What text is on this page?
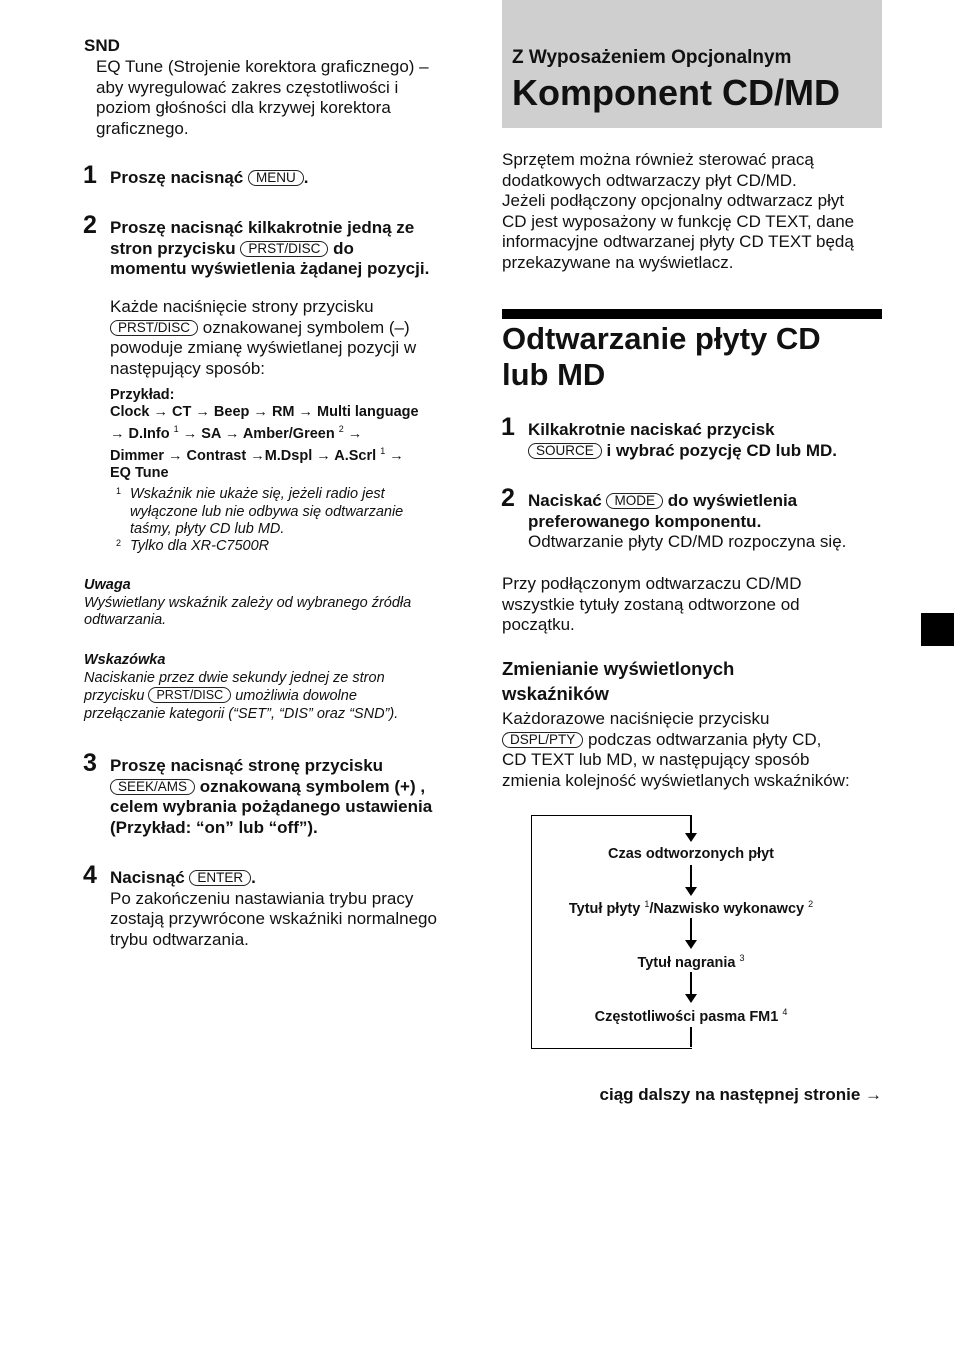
SND
EQ Tune (Strojenie korektora graficznego) –
aby wyregulować zakres częstotliwości i
poziom głośności dla krzywej korektora
graficznego.
1 Proszę nacisnąć MENU .
2 Proszę nacisnąć kilkakrotnie jedną ze
stron przycisku PRST/DISC do
momentu wyświetlenia żądanej pozycji.
Każde naciśnięcie strony przycisku
PRST/DISC oznakowanej symbolem (–)
powoduje zmianę wyświetlanej pozycji w
następujący sposób:
Przykład:
Clock → CT → Beep → RM → Multi language
→ D.Info $^1$ → SA → Amber/Green $^2$ →
Dimmer → Contrast →M.Dspl → A.Scrl $^1$ →
EQ Tune
1 Wskaźnik nie ukaże się, jeżeli radio jest
wyłączone lub nie odbywa się odtwarzanie
taśmy, płyty CD lub MD.
2 Tylko dla XR-C7500R
Uwaga
Wyświetlany wskaźnik zależy od wybranego źródła
odtwarzania.
Wskazówka
Naciskanie przez dwie sekundy jednej ze stron
przycisku PRST/DISC umożliwia dowolne
przełączanie kategorii (“SET”, “DIS” oraz “SND”).
3 Proszę nacisnąć stronę przycisku
SEEK/AMS oznakowaną symbolem (+) ,
celem wybrania pożądanego ustawienia
(Przykład: “on” lub “off”).
4 Nacisnąć ENTER .
Po zakończeniu nastawiania trybu pracy
zostają przywrócone wskaźniki normalnego
trybu odtwarzania.
Z Wyposażeniem Opcjonalnym
Komponent CD/MD
Sprzętem można również sterować pracą
dodatkowych odtwarzaczy płyt CD/MD.
Jeżeli podłączony opcjonalny odtwarzacz płyt
CD jest wyposażony w funkcję CD TEXT, dane
informacyjne odtwarzanej płyty CD TEXT będą
przekazywane na wyświetlacz.
Odtwarzanie płyty CD
lub MD
1 Kilkakrotnie naciskać przycisk
SOURCE i wybrać pozycję CD lub MD.
2 Naciskać MODE do wyświetlenia
preferowanego komponentu.
Odtwarzanie płyty CD/MD rozpoczyna się.
Przy podłączonym odtwarzaczu CD/MD
wszystkie tytuły zostaną odtworzone od
początku.
Zmienianie wyświetlonych
wskaźników
Każdorazowe naciśnięcie przycisku
DSPL/PTY podczas odtwarzania płyty CD,
CD TEXT lub MD, w następujący sposób
zmienia kolejność wyświetlanych wskaźników:
Czas odtworzonych płyt
Tytuł płyty $^1$/Nazwisko wykonawcy $^2$
Tytuł nagrania $^3$
Częstotliwości pasma FM1 $^4$
ciąg dalszy na następnej stronie →
